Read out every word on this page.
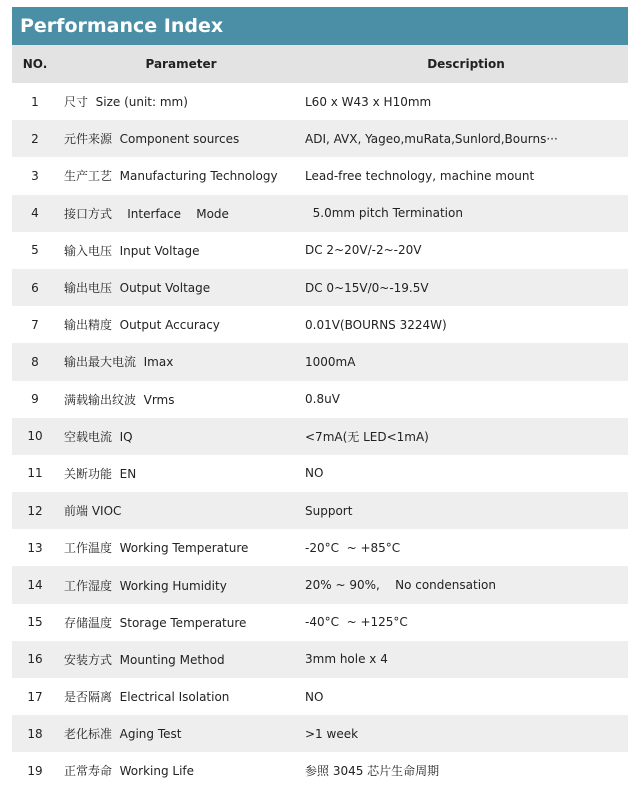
Performance Index
NO.	Parameter	Description
1	尺寸  Size (unit: mm)	L60 x W43 x H10mm
2	元件来源  Component sources	ADI, AVX, Yageo,muRata,Sunlord,Bourns···
3	生产工艺  Manufacturing Technology	Lead-free technology, machine mount
4	接口方式    Interface    Mode	5.0mm pitch Termination
5	输入电压  Input Voltage	DC 2~20V/-2~-20V
6	输出电压  Output Voltage	DC 0~15V/0~-19.5V
7	输出精度  Output Accuracy	0.01V(BOURNS 3224W)
8	输出最大电流  Imax	1000mA
9	满载输出纹波  Vrms	0.8uV
10	空载电流  IQ	<7mA(无 LED<1mA)
11	关断功能  EN	NO
12	前端 VIOC	Support
13	工作温度  Working Temperature	-20°C  ~ +85°C
14	工作湿度  Working Humidity	20% ~ 90%,    No condensation
15	存储温度  Storage Temperature	-40°C  ~ +125°C
16	安装方式  Mounting Method	3mm hole x 4
17	是否隔离  Electrical Isolation	NO
18	老化标准  Aging Test	>1 week
19	正常寿命  Working Life	参照 3045 芯片生命周期
